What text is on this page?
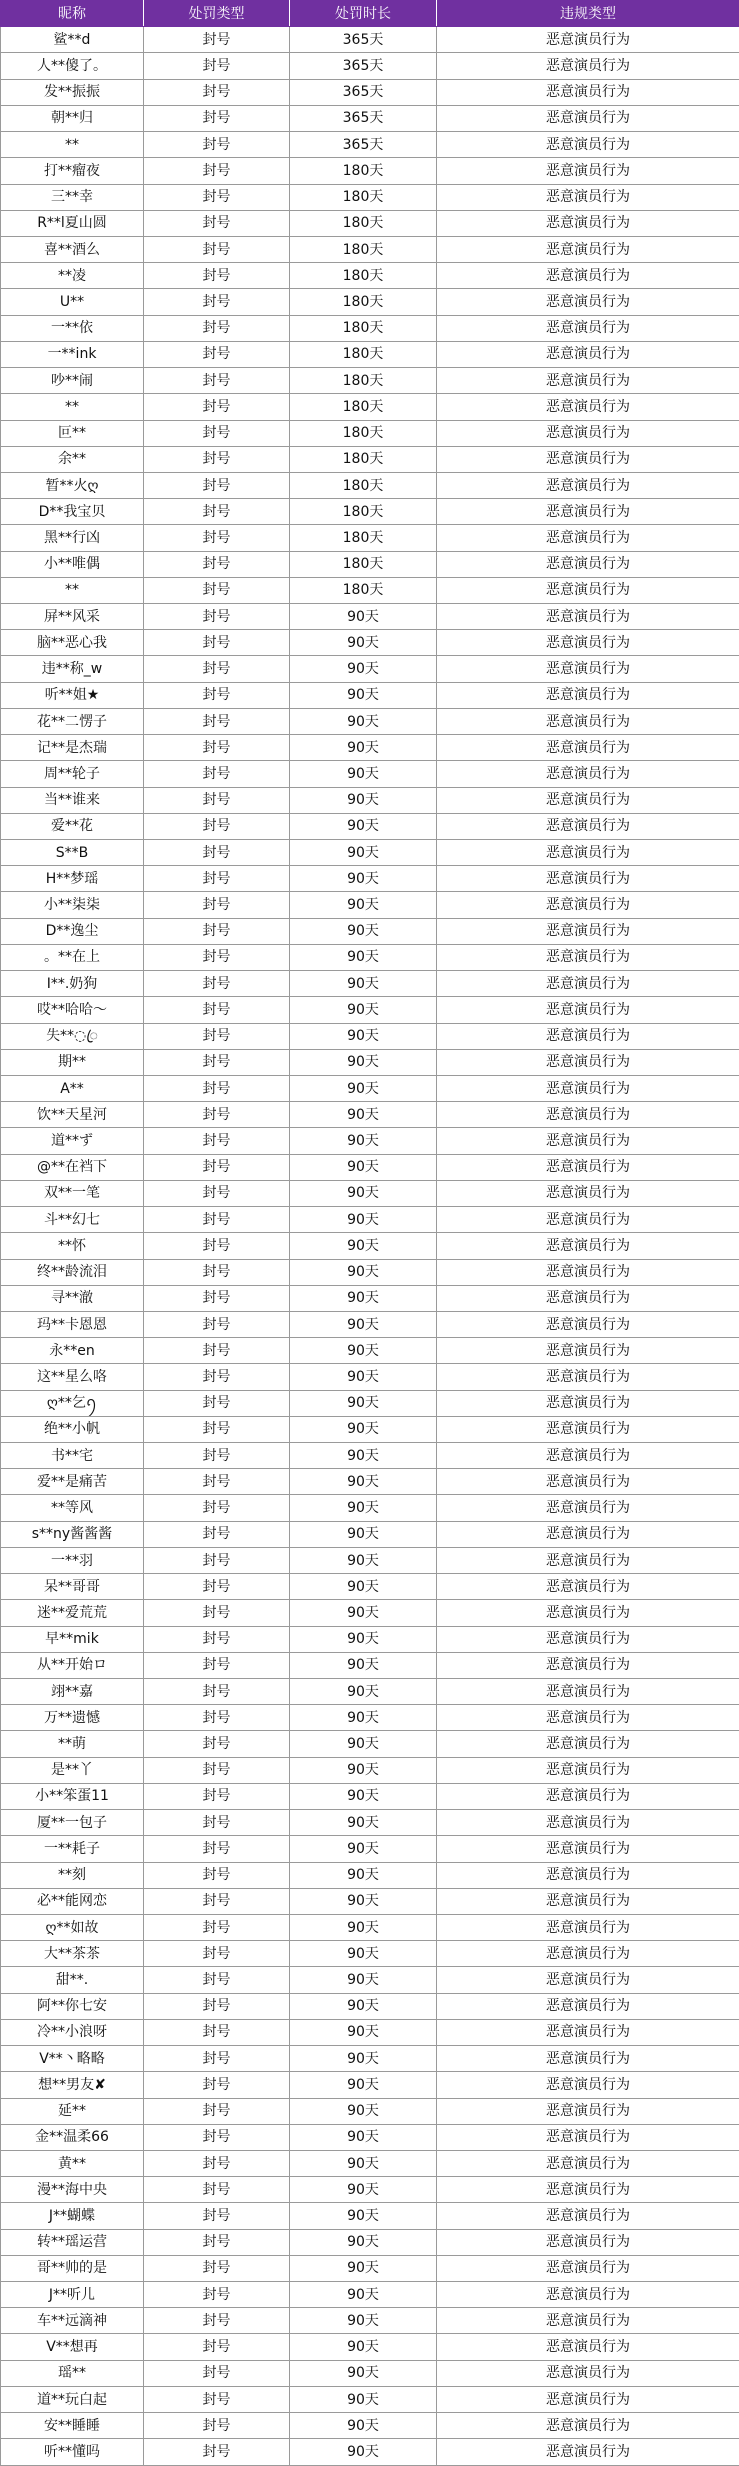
昵称	处罚类型	处罚时长	违规类型
鲨**d	封号	365天	恶意演员行为
人**傻了。	封号	365天	恶意演员行为
发**振振	封号	365天	恶意演员行为
朝**归	封号	365天	恶意演员行为
**	封号	365天	恶意演员行为
打**瘤夜	封号	180天	恶意演员行为
三**幸	封号	180天	恶意演员行为
R**l夏山圆	封号	180天	恶意演员行为
喜**酒么	封号	180天	恶意演员行为
**凌	封号	180天	恶意演员行为
U**	封号	180天	恶意演员行为
一**依	封号	180天	恶意演员行为
一**ink	封号	180天	恶意演员行为
吵**闹	封号	180天	恶意演员行为
**	封号	180天	恶意演员行为
叵**	封号	180天	恶意演员行为
余**	封号	180天	恶意演员行为
暂**火ღ	封号	180天	恶意演员行为
D**我宝贝	封号	180天	恶意演员行为
黑**行凶	封号	180天	恶意演员行为
小**唯偶	封号	180天	恶意演员行为
**	封号	180天	恶意演员行为
屏**风采	封号	90天	恶意演员行为
脑**恶心我	封号	90天	恶意演员行为
违**称_w	封号	90天	恶意演员行为
听**姐★	封号	90天	恶意演员行为
花**二愣子	封号	90天	恶意演员行为
记**是杰瑞	封号	90天	恶意演员行为
周**轮子	封号	90天	恶意演员行为
当**谁来	封号	90天	恶意演员行为
爱**花	封号	90天	恶意演员行为
S**B	封号	90天	恶意演员行为
H**梦瑶	封号	90天	恶意演员行为
小**柒柒	封号	90天	恶意演员行为
D**逸尘	封号	90天	恶意演员行为
。**在上	封号	90天	恶意演员行为
I**.奶狗	封号	90天	恶意演员行为
哎**哈哈～	封号	90天	恶意演员行为
失**◌ꦿ	封号	90天	恶意演员行为
期**	封号	90天	恶意演员行为
A**	封号	90天	恶意演员行为
饮**天星河	封号	90天	恶意演员行为
道**ず	封号	90天	恶意演员行为
@**在裆下	封号	90天	恶意演员行为
双**一笔	封号	90天	恶意演员行为
斗**幻七	封号	90天	恶意演员行为
**怀	封号	90天	恶意演员行为
终**龄流泪	封号	90天	恶意演员行为
寻**澈	封号	90天	恶意演员行为
玛**卡恩恩	封号	90天	恶意演员行为
永**en	封号	90天	恶意演员行为
这**星么咯	封号	90天	恶意演员行为
ღ**乞ꪆ	封号	90天	恶意演员行为
绝**小帆	封号	90天	恶意演员行为
书**宅	封号	90天	恶意演员行为
爱**是痛苦	封号	90天	恶意演员行为
**等风	封号	90天	恶意演员行为
s**ny酱酱酱	封号	90天	恶意演员行为
一**羽	封号	90天	恶意演员行为
呆**哥哥	封号	90天	恶意演员行为
迷**爱荒荒	封号	90天	恶意演员行为
早**mik	封号	90天	恶意演员行为
从**开始ロ	封号	90天	恶意演员行为
翊**嘉	封号	90天	恶意演员行为
万**遗憾	封号	90天	恶意演员行为
**萌	封号	90天	恶意演员行为
是**丫	封号	90天	恶意演员行为
小**笨蛋11	封号	90天	恶意演员行为
厦**一包子	封号	90天	恶意演员行为
一**耗子	封号	90天	恶意演员行为
**刻	封号	90天	恶意演员行为
必**能网恋	封号	90天	恶意演员行为
ღ**如故	封号	90天	恶意演员行为
大**茶茶	封号	90天	恶意演员行为
甜**.	封号	90天	恶意演员行为
阿**你七安	封号	90天	恶意演员行为
冷**小浪呀	封号	90天	恶意演员行为
V**丶略略	封号	90天	恶意演员行为
想**男友✘	封号	90天	恶意演员行为
延**	封号	90天	恶意演员行为
金**温柔66	封号	90天	恶意演员行为
黄**	封号	90天	恶意演员行为
漫**海中央	封号	90天	恶意演员行为
J**蝴蝶	封号	90天	恶意演员行为
转**瑶运营	封号	90天	恶意演员行为
哥**帅的是	封号	90天	恶意演员行为
J**听儿	封号	90天	恶意演员行为
车**远滴神	封号	90天	恶意演员行为
V**想再	封号	90天	恶意演员行为
瑶**	封号	90天	恶意演员行为
道**玩白起	封号	90天	恶意演员行为
安**睡睡	封号	90天	恶意演员行为
听**懂吗	封号	90天	恶意演员行为
